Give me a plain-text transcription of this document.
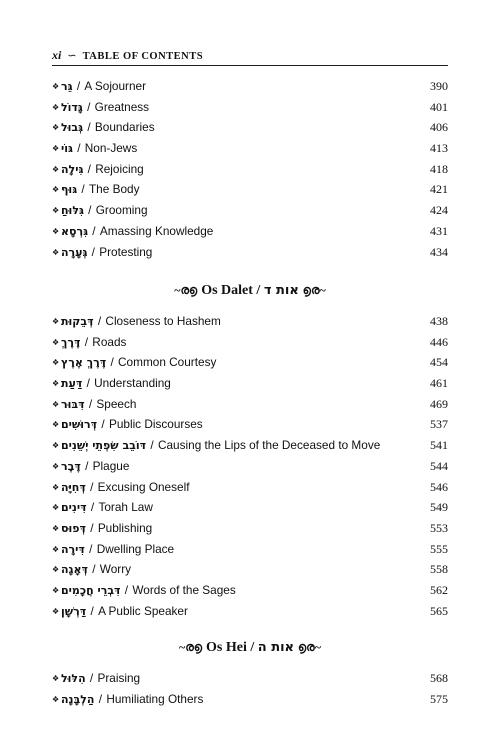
xi ∽ TABLE OF CONTENTS
❖ גֵּר / A Sojourner	390
❖ גָּדוֹל / Greatness	401
❖ גְּבוּל / Boundaries	406
❖ גּוֹי / Non-Jews	413
❖ גִּילָה / Rejoicing	418
❖ גּוּף / The Body	421
❖ גִּלּוּחַ / Grooming	424
❖ גִּרְסָא / Amassing Knowledge	431
❖ גְּעָרָה / Protesting	434
~ര൭ Os Dalet / אות ד ൭ര~
❖ דְּבֵקוּת / Closeness to Hashem	438
❖ דֶּרֶךְ / Roads	446
❖ דֶּרֶךְ אֶרֶץ / Common Courtesy	454
❖ דַּעַת / Understanding	461
❖ דִּבּוּר / Speech	469
❖ דְּרוּשִׁים / Public Discourses	537
❖ דּוֹבֵב שִׂפְתֵי יְשֵׁנִים / Causing the Lips of the Deceased to Move	541
❖ דֶּבֶר / Plague	544
❖ דְּחִיָּה / Excusing Oneself	546
❖ דִּינִים / Torah Law	549
❖ דְּפוּס / Publishing	553
❖ דִּירָה / Dwelling Place	555
❖ דְּאָגָה / Worry	558
❖ דִּבְרֵי חֲכָמִים / Words of the Sages	562
❖ דַּרְשָׁן / A Public Speaker	565
~ര൭ Os Hei / אות ה ൭ര~
❖ הִלּוּל / Praising	568
❖ הַלְבָּנָה / Humiliating Others	575
